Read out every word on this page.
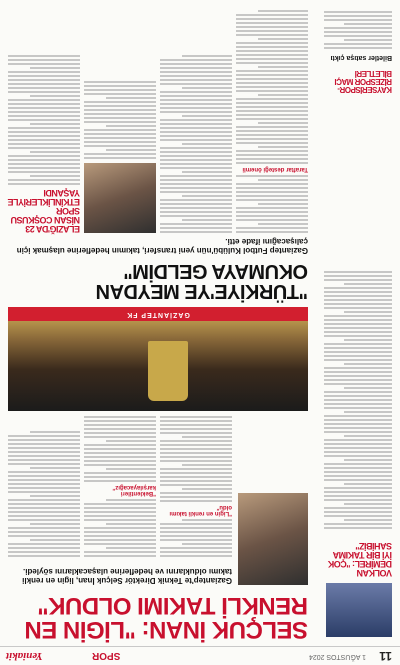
11
1 AĞUSTOS 2024
SPOR
Yeniakit
VOLKAN DEMİREL: "ÇOK İYİ BİR TAKIMA SAHİBİZ"
KAYSERİSPOR-RİZESPOR MAÇI BİLETLERİ
Biletler satışa çıktı
SELÇUK İNAN: "LİGİN EN
RENKLİ TAKIMI OLDUK"
Gaziantep'te Teknik Direktör Selçuk İnan, ligin en renkli takımı olduklarını ve hedeflerine ulaşacaklarını söyledi.
"Ligin en renkli takımı oldu"
"Beklentileri karşılayacağız"
GAZİANTEP FK
"TÜRKİYE'YE MEYDAN
OKUMAYA GELDİM"
Gaziantep Futbol Kulübü'nün yeni transferi, takımın hedeflerine ulaşmak için çalışacağını ifade etti.
Taraftar desteği önemli
ELAZIĞ'DA 23 NİSAN COŞKUSU SPOR ETKİNLİKLERİYLE YAŞANDI
